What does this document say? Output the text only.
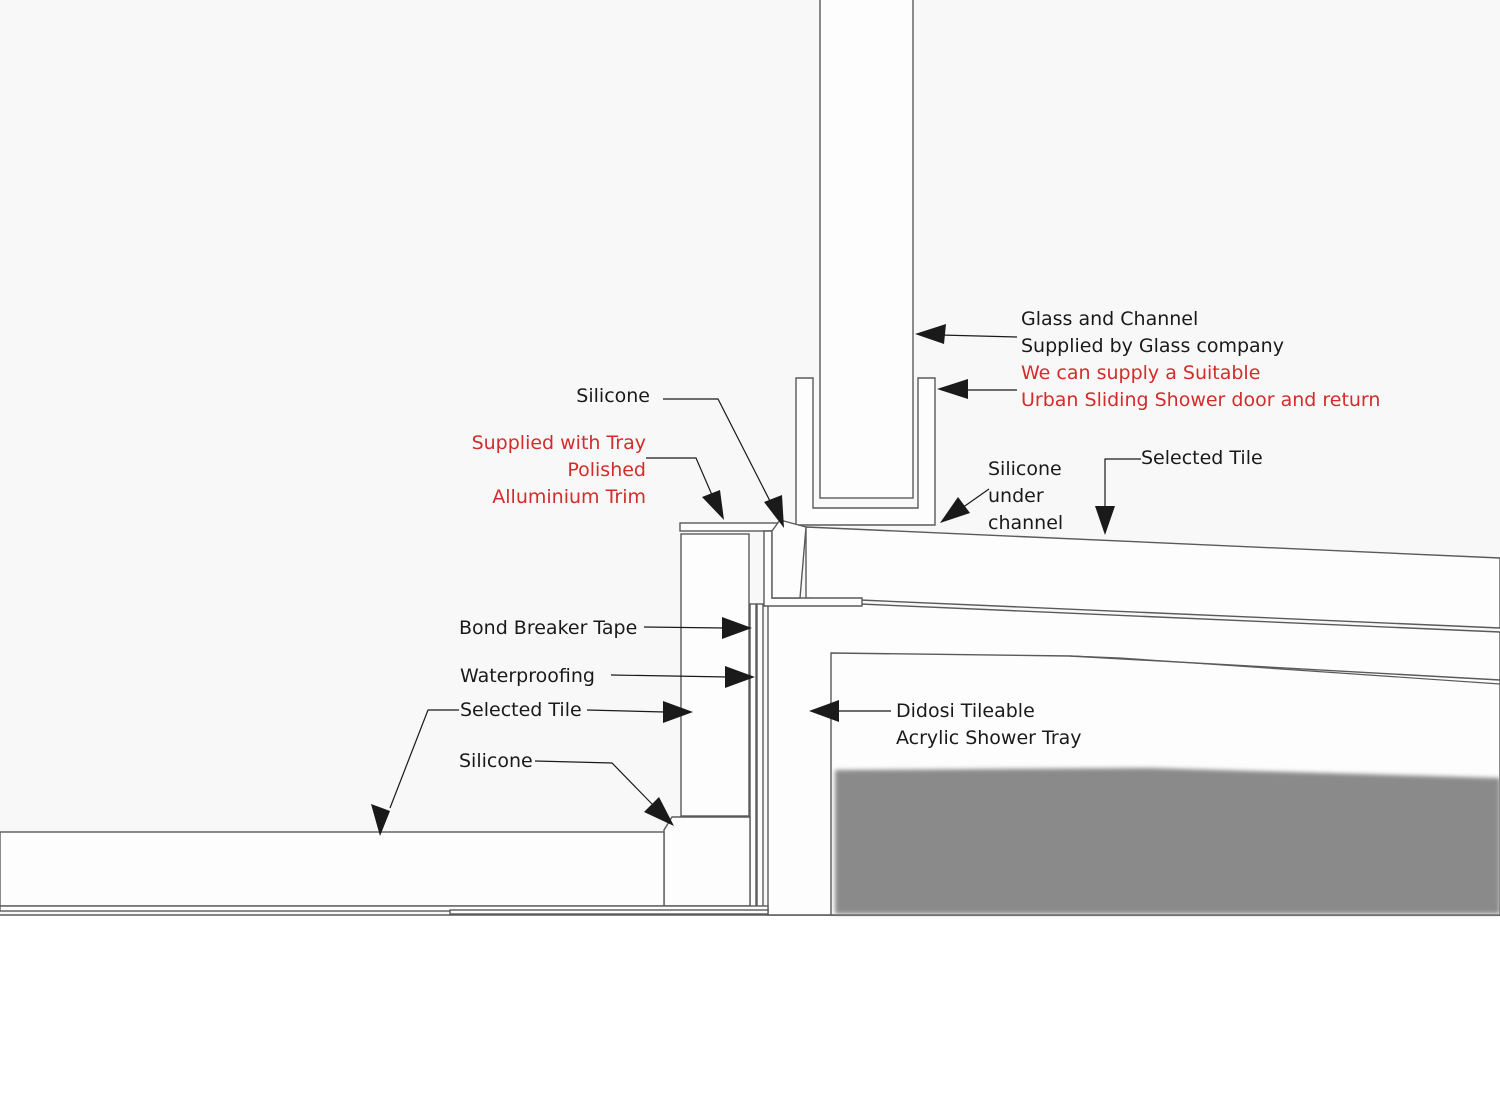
Glass and Channel Supplied by Glass company
We can supply a Suitable Urban Sliding Shower door and return
Silicone
Supplied with Tray Polished Alluminium Trim
Silicone under channel
Selected Tile
Bond Breaker Tape
Waterproofing
Selected Tile
Silicone
Didosi Tileable Acrylic Shower Tray
